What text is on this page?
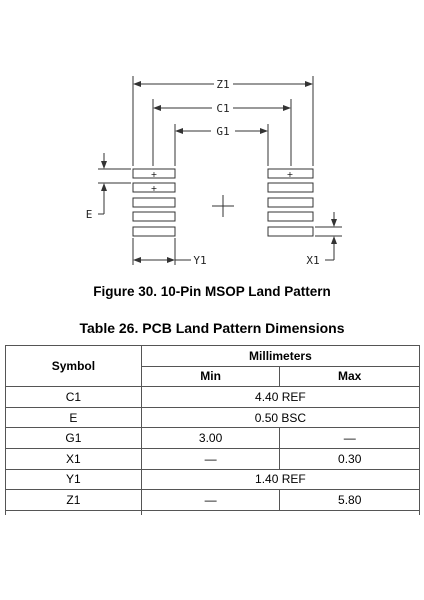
Z1
C1
G1
+
+
+
E
Y1	X1
Figure 30. 10-Pin MSOP Land Pattern
Table 26. PCB Land Pattern Dimensions
Symbol	Millimeters	
	Min	Max
C1	4.40 REF	
E	0.50 BSC	
G1	3.00	—
X1	—	0.30
Y1	1.40 REF	
Z1	—	5.80
